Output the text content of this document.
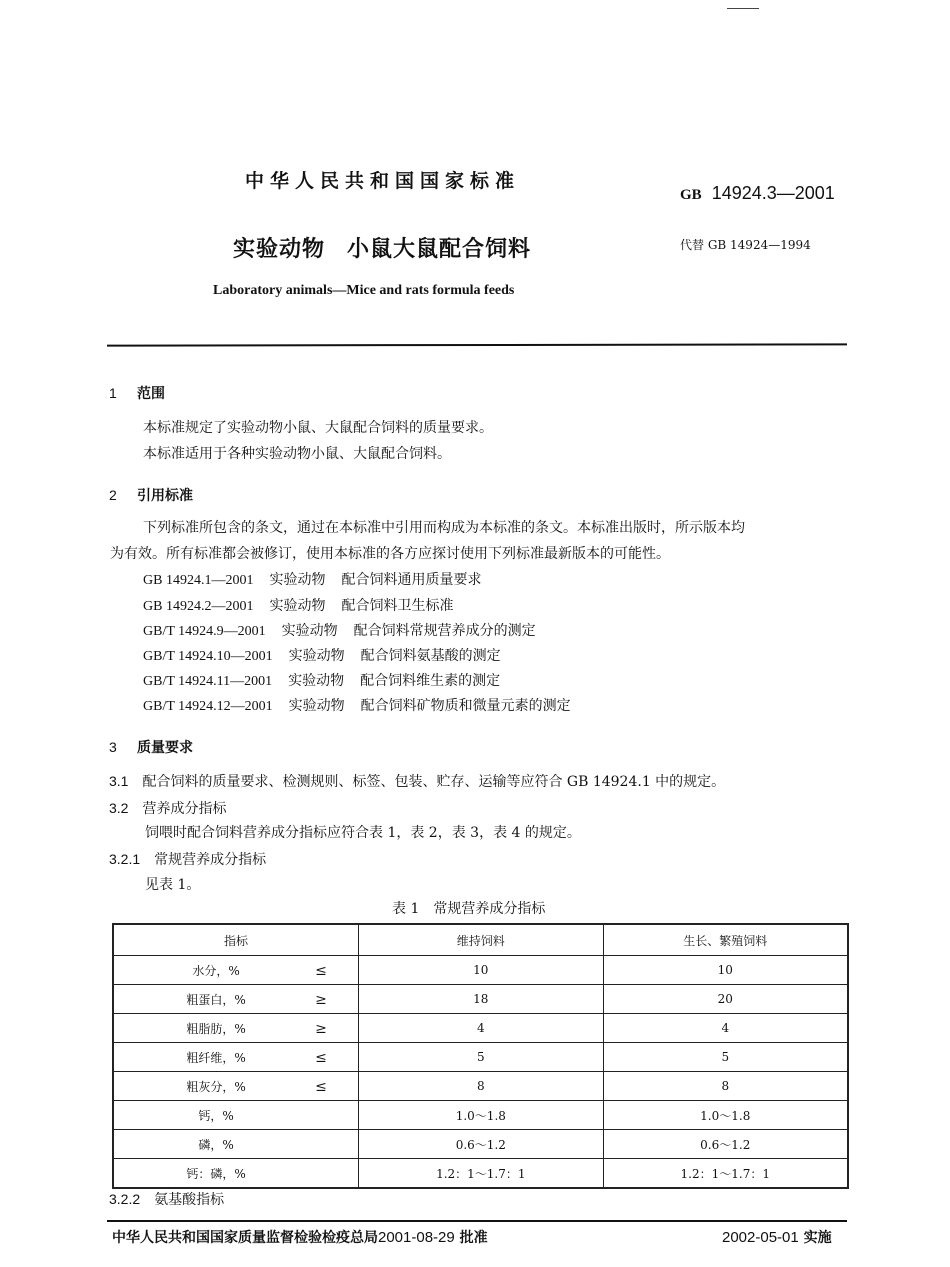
中华人民共和国国家标准
GB 14924.3—2001
实验动物 小鼠大鼠配合饲料	代替 GB 14924—1994
Laboratory animals—Mice and rats formula feeds
1 范围
本标准规定了实验动物小鼠、大鼠配合饲料的质量要求。
本标准适用于各种实验动物小鼠、大鼠配合饲料。
2 引用标准
下列标准所包含的条文，通过在本标准中引用而构成为本标准的条文。本标准出版时，所示版本均
为有效。所有标准都会被修订，使用本标准的各方应探讨使用下列标准最新版本的可能性。
GB 14924.1—2001 实验动物 配合饲料通用质量要求
GB 14924.2—2001 实验动物 配合饲料卫生标准
GB/T 14924.9—2001 实验动物 配合饲料常规营养成分的测定
GB/T 14924.10—2001 实验动物 配合饲料氨基酸的测定
GB/T 14924.11—2001 实验动物 配合饲料维生素的测定
GB/T 14924.12—2001 实验动物 配合饲料矿物质和微量元素的测定
3 质量要求
3.1 配合饲料的质量要求、检测规则、标签、包装、贮存、运输等应符合 GB 14924.1 中的规定。
3.2 营养成分指标
饲喂时配合饲料营养成分指标应符合表 1，表 2，表 3，表 4 的规定。
3.2.1 常规营养成分指标
见表 1。
表 1　常规营养成分指标
指标	维持饲料	生长、繁殖饲料
水分，% ≤	10	10
粗蛋白，% ≥	18	20
粗脂肪，% ≥	4	4
粗纤维，% ≤	5	5
粗灰分，% ≤	8	8
钙，%	1.0～1.8	1.0～1.8
磷，%	0.6～1.2	0.6～1.2
钙：磷，%	1.2：1～1.7：1	1.2：1～1.7：1
3.2.2 氨基酸指标
中华人民共和国国家质量监督检验检疫总局2001-08-29 批准	2002-05-01 实施
